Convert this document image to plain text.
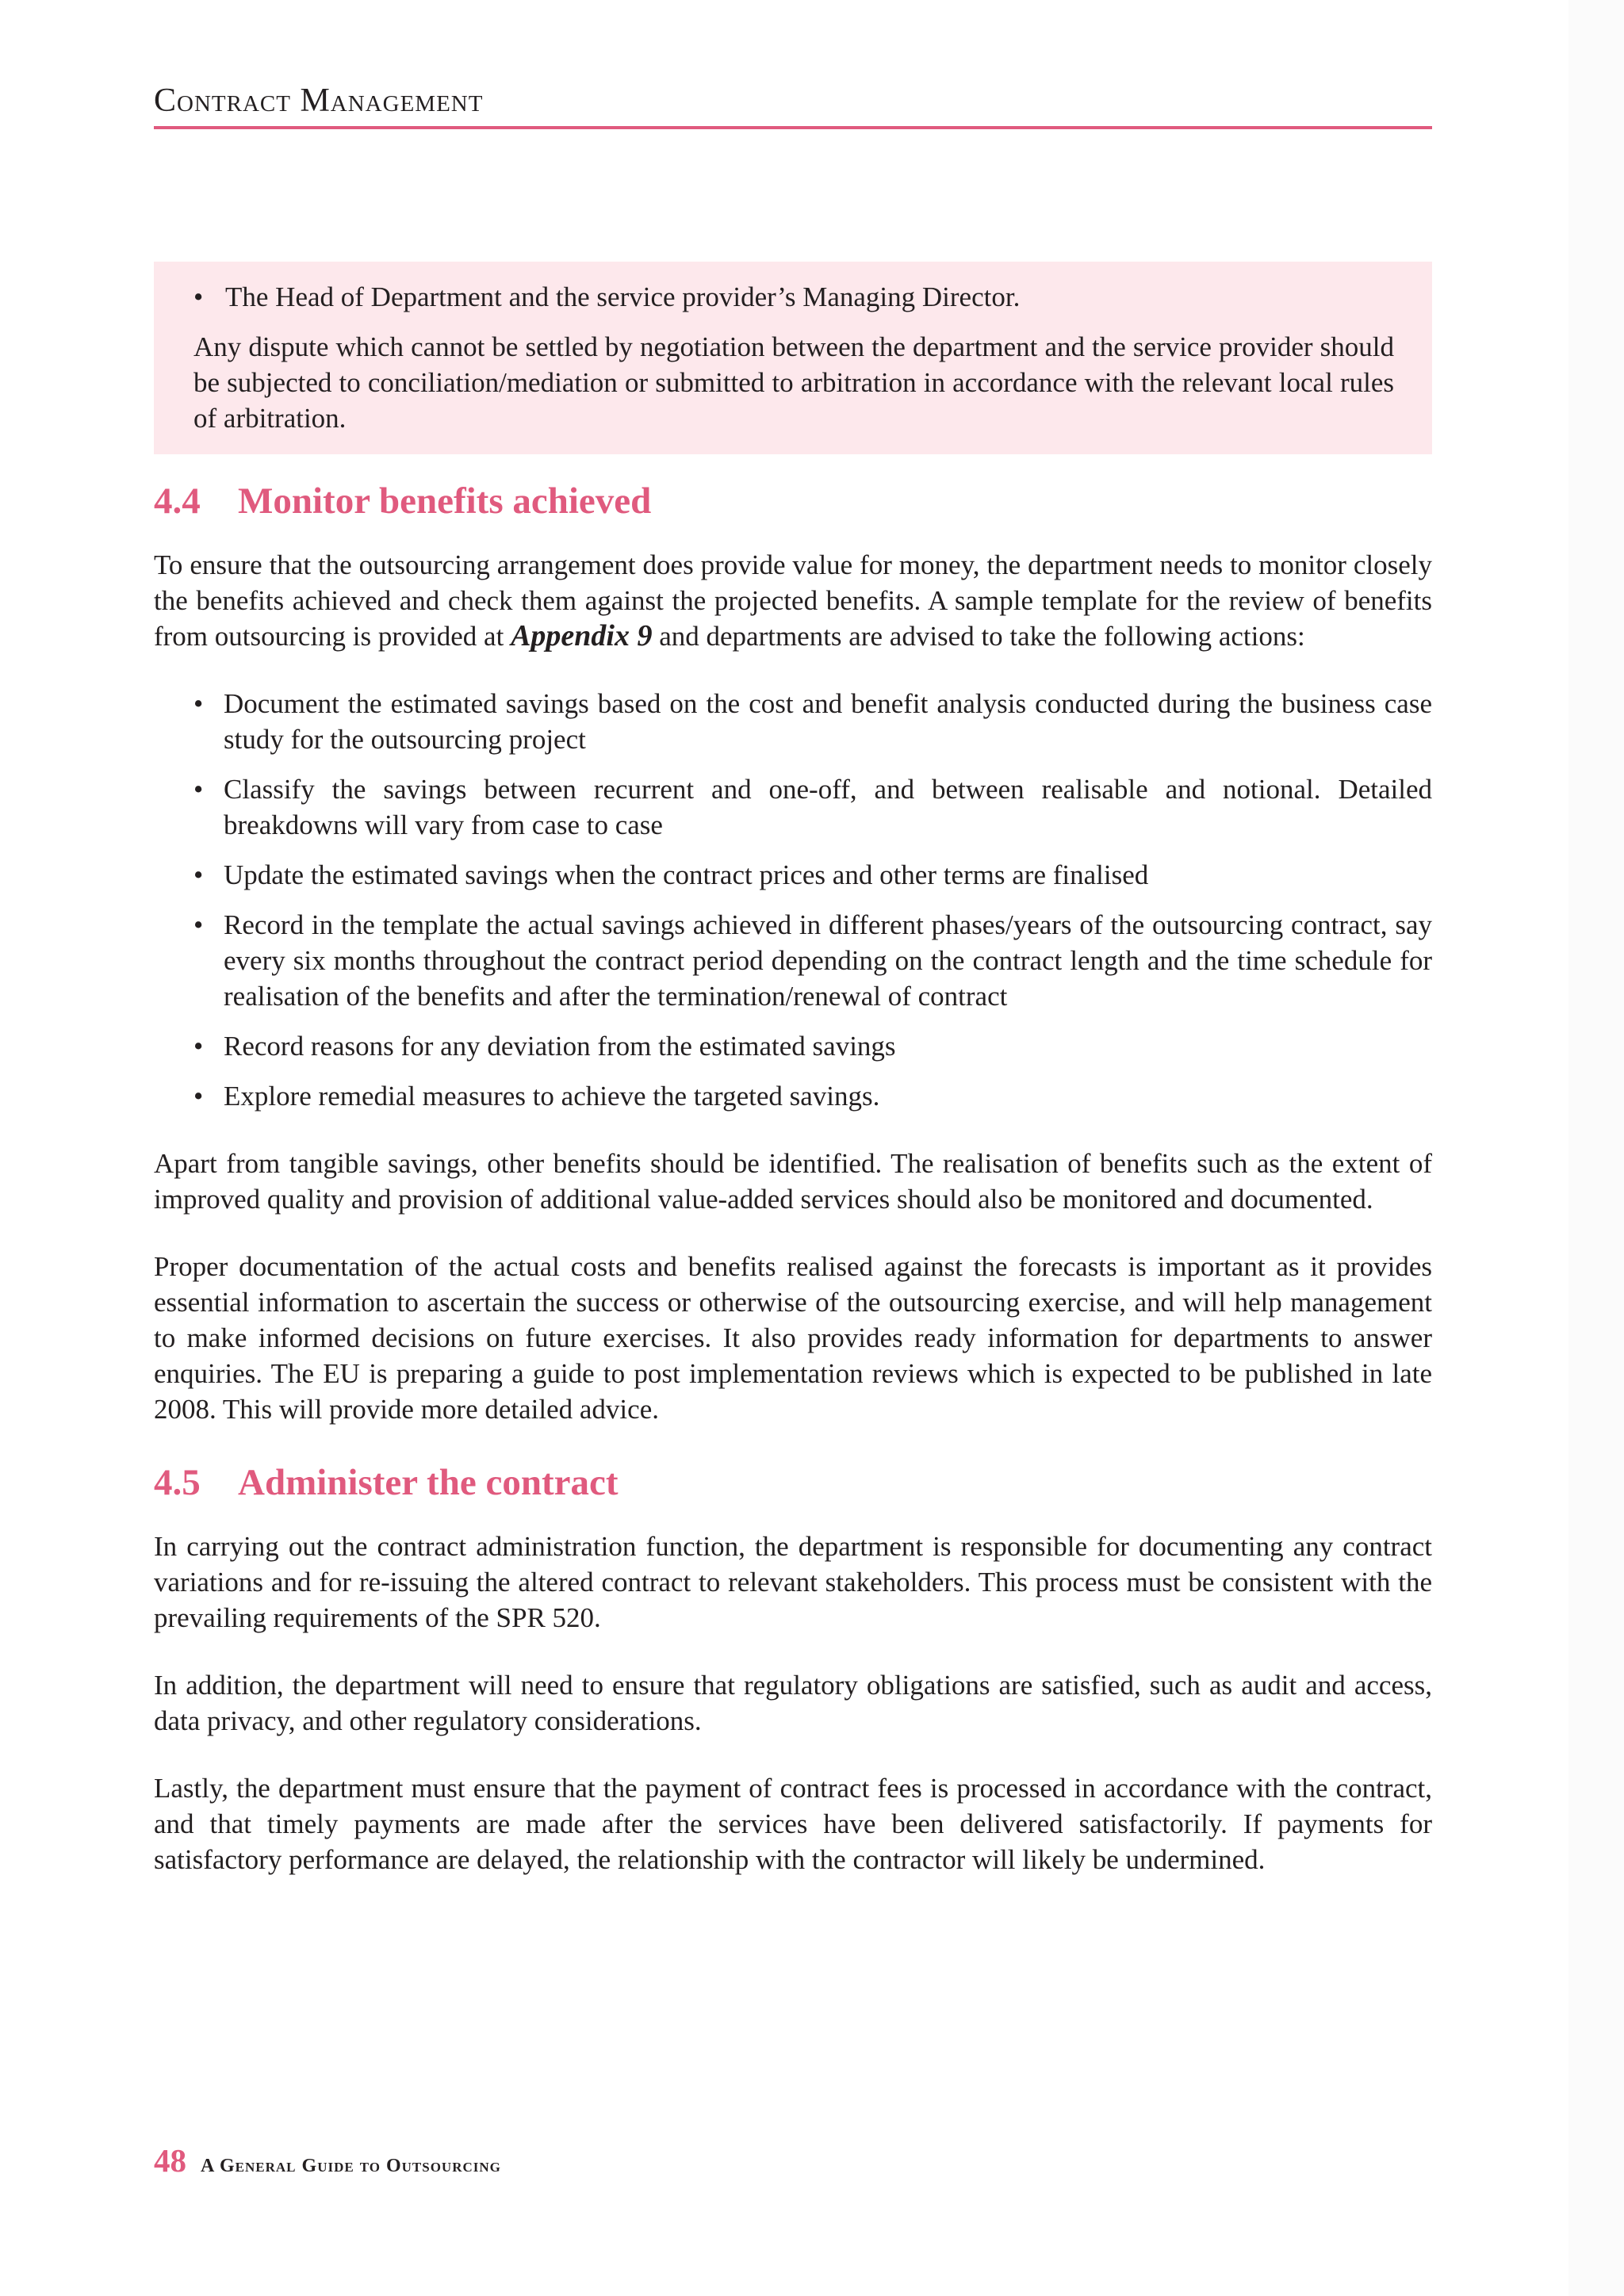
Contract Management
• The Head of Department and the service provider’s Managing Director.

Any dispute which cannot be settled by negotiation between the department and the service provider should be subjected to conciliation/mediation or submitted to arbitration in accordance with the relevant local rules of arbitration.

4.4 Monitor benefits achieved

To ensure that the outsourcing arrangement does provide value for money, the department needs to monitor closely the benefits achieved and check them against the projected benefits. A sample template for the review of benefits from outsourcing is provided at Appendix 9 and departments are advised to take the following actions:

• Document the estimated savings based on the cost and benefit analysis conducted during the business case study for the outsourcing project
• Classify the savings between recurrent and one-off, and between realisable and notional. Detailed breakdowns will vary from case to case
• Update the estimated savings when the contract prices and other terms are finalised
• Record in the template the actual savings achieved in different phases/years of the outsourcing contract, say every six months throughout the contract period depending on the contract length and the time schedule for realisation of the benefits and after the termination/renewal of contract
• Record reasons for any deviation from the estimated savings
• Explore remedial measures to achieve the targeted savings.

Apart from tangible savings, other benefits should be identified. The realisation of benefits such as the extent of improved quality and provision of additional value-added services should also be monitored and documented.

Proper documentation of the actual costs and benefits realised against the forecasts is important as it provides essential information to ascertain the success or otherwise of the outsourcing exercise, and will help management to make informed decisions on future exercises. It also provides ready information for departments to answer enquiries. The EU is preparing a guide to post implementation reviews which is expected to be published in late 2008. This will provide more detailed advice.

4.5 Administer the contract

In carrying out the contract administration function, the department is responsible for documenting any contract variations and for re-issuing the altered contract to relevant stakeholders. This process must be consistent with the prevailing requirements of the SPR 520.

In addition, the department will need to ensure that regulatory obligations are satisfied, such as audit and access, data privacy, and other regulatory considerations.

Lastly, the department must ensure that the payment of contract fees is processed in accordance with the contract, and that timely payments are made after the services have been delivered satisfactorily. If payments for satisfactory performance are delayed, the relationship with the contractor will likely be undermined.

48 A General Guide to Outsourcing
